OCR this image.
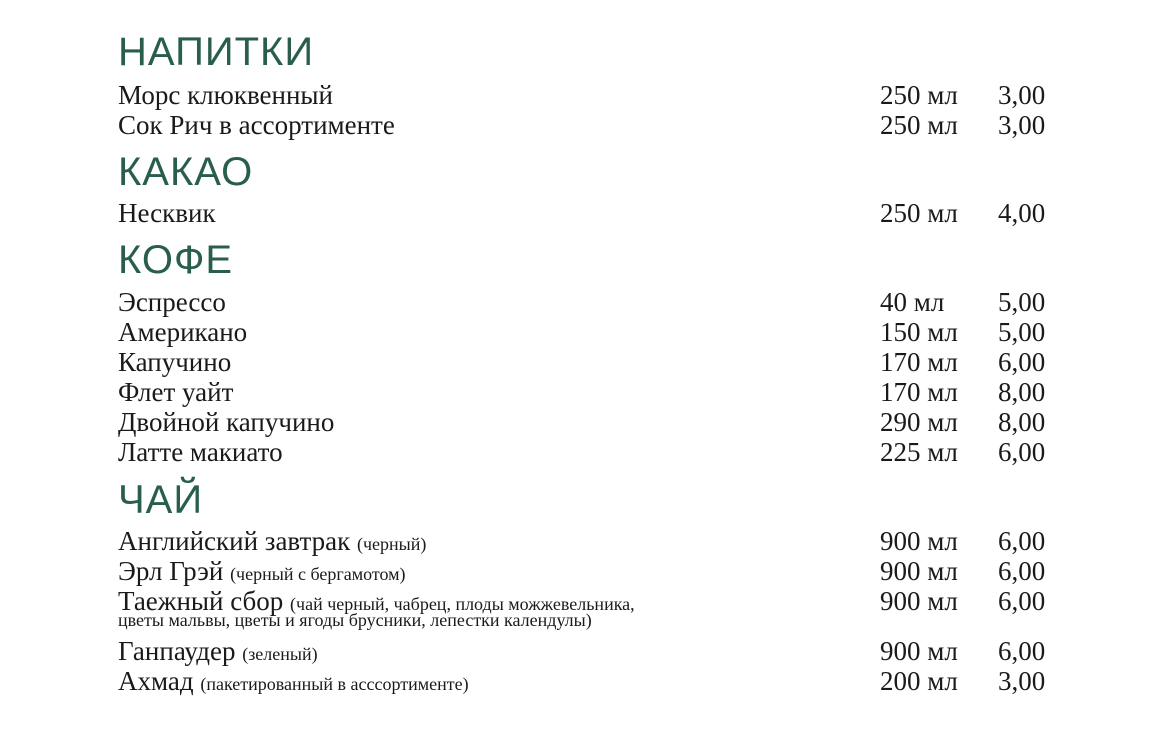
НАПИТКИ
Морс клюквенный	250 мл 3,00
Сок Рич в ассортименте	250 мл 3,00
КАКАО
Несквик	250 мл 4,00
КОФЕ
Эспрессо	40 мл 5,00
Американо	150 мл 5,00
Капучино	170 мл 6,00
Флет уайт	170 мл 8,00
Двойной капучино	290 мл 8,00
Латте макиато	225 мл 6,00
ЧАЙ
Английский завтрак (черный)	900 мл 6,00
Эрл Грэй (черный с бергамотом)	900 мл 6,00
Таежный сбор (чай черный, чабрец, плоды можжевельника,
цветы мальвы, цветы и ягоды брусники, лепестки календулы)
900 мл 6,00
Ганпаудер (зеленый)	900 мл 6,00
Ахмад (пакетированный в асссортименте)	200 мл 3,00
